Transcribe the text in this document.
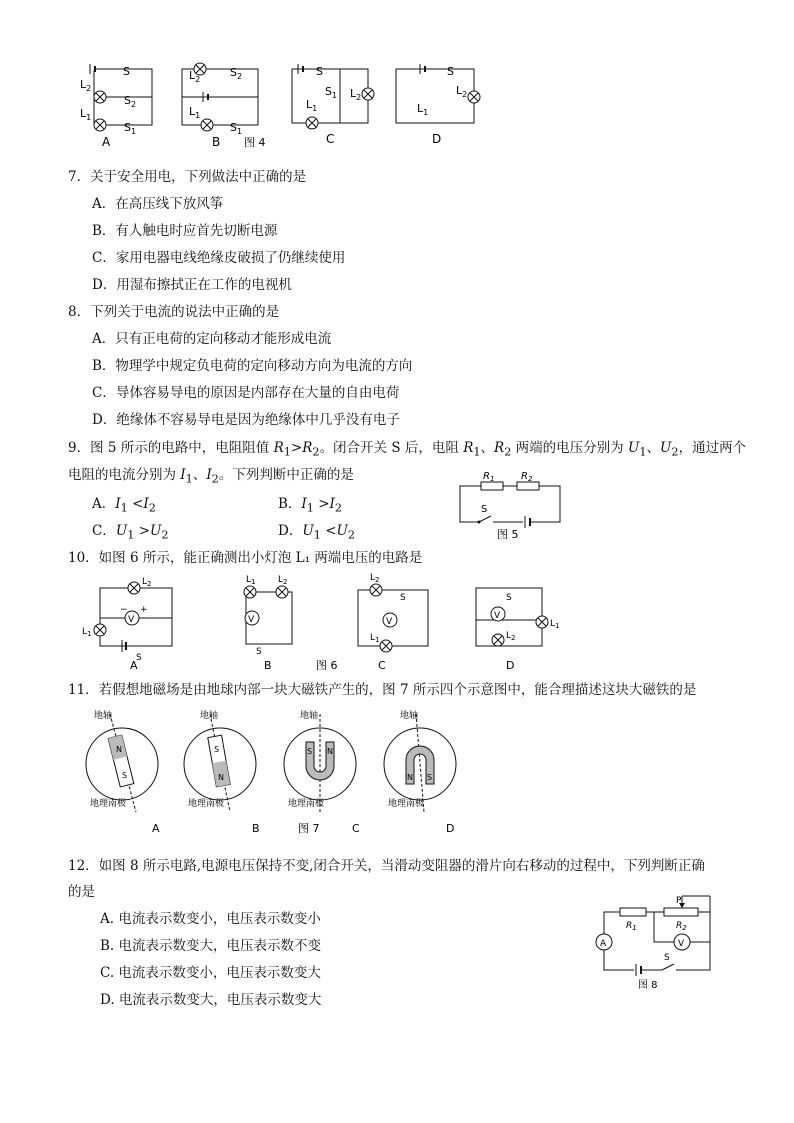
$L_2$
$L_1$
S
$S_2$
$S_1$
A
$L_2$
$L_1$
$S_2$
$S_1$
B 图 4
S
$S_1$ $L_2$
$L_1$
C
S
$L_2$
$L_1$
D
7．关于安全用电，下列做法中正确的是
A．在高压线下放风筝
B．有人触电时应首先切断电源
C．家用电器电线绝缘皮破损了仍继续使用
D．用湿布擦拭正在工作的电视机
8．下列关于电流的说法中正确的是
A．只有正电荷的定向移动才能形成电流
B．物理学中规定负电荷的定向移动方向为电流的方向
C．导体容易导电的原因是内部存在大量的自由电荷
D．绝缘体不容易导电是因为绝缘体中几乎没有电子
9．图 5 所示的电路中，电阻阻值 $R_1>R_2$。闭合开关 S 后，电阻 $R_1$、$R_2$ 两端的电压分别为 $U_1$、$U_2$，通过两个
电阻的电流分别为 $I_1$、$I_2$。下列判断中正确的是
A．$I_1 <I_2$	B．$I_1 >I_2$
C．$U_1 >U_2$	D．$U_1 <U_2$
$R_1$	$R_2$
S
图 5
10．如图 6 所示，能正确测出小灯泡 L₁ 两端电压的电路是
V
$L_2$
$L_1$
− +
S
A
V
$L_1$	$L_2$
S
B	图 6
V
$L_2$
$L_1$
S
C
V
$L_1$
$L_2$
S
D
11．若假想地磁场是由地球内部一块大磁铁产生的，图 7 所示四个示意图中，能合理描述这块大磁铁的是
地轴
N
S
地理南极
地轴
S
N
地理南极
地轴
S N
地理南极
地轴
N S
地理南极
A	B	图 7	C	D
12．如图 8 所示电路,电源电压保持不变,闭合开关，当滑动变阻器的滑片向右移动的过程中，下列判断正确
的是
A. 电流表示数变小，电压表示数变小
B. 电流表示数变大，电压表示数不变
C. 电流表示数变小，电压表示数变大
D. 电流表示数变大，电压表示数变大
V
A
P
$R_1$	$R_2$
S
图 8
